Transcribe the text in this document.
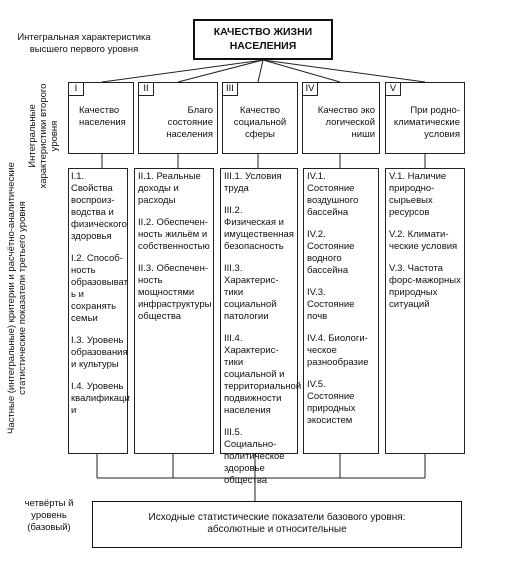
Интегральная характеристика высшего первого уровня
КАЧЕСТВО ЖИЗНИ НАСЕЛЕНИЯ
Интегральные характеристики второго уровня
Частные (интегральные) критерии и расчётно-аналитические статистические показатели третьего уровня
четвёрты й уровень (базовый)
I
Качество населения
II
Благо состояние населения
III
Качество социальной сферы
IV
Качество эко логической ниши
V
При родно-климатические условия
I.1. Свойства воспроиз-водства и физического здоровья
I.2. Способ-ность образовыват ь и сохранять семьи
I.3. Уровень образования и культуры
I.4. Уровень квалификаци и
II.1. Реальные доходы и расходы
II.2. Обеспечен-ность жильём и собственностью
II.3. Обеспечен-ность мощностями инфраструктуры общества
III.1. Условия труда
III.2. Физическая и имущественная безопасность
III.3. Характерис-тики социальной патологии
III.4. Характерис-тики социальной и территориальной подвижности населения
III.5. Социально-политическое здоровье общества
IV.1. Состояние воздушного бассейна
IV.2. Состояние водного бассейна
IV.3. Состояние почв
IV.4. Биологи-ческое разнообразие
IV.5. Состояние природных экосистем
V.1. Наличие природно-сырьевых ресурсов
V.2. Климати-ческие условия
V.3. Частота форс-мажорных природных ситуаций
Исходные статистические показатели базового уровня:
абсолютные и относительные
